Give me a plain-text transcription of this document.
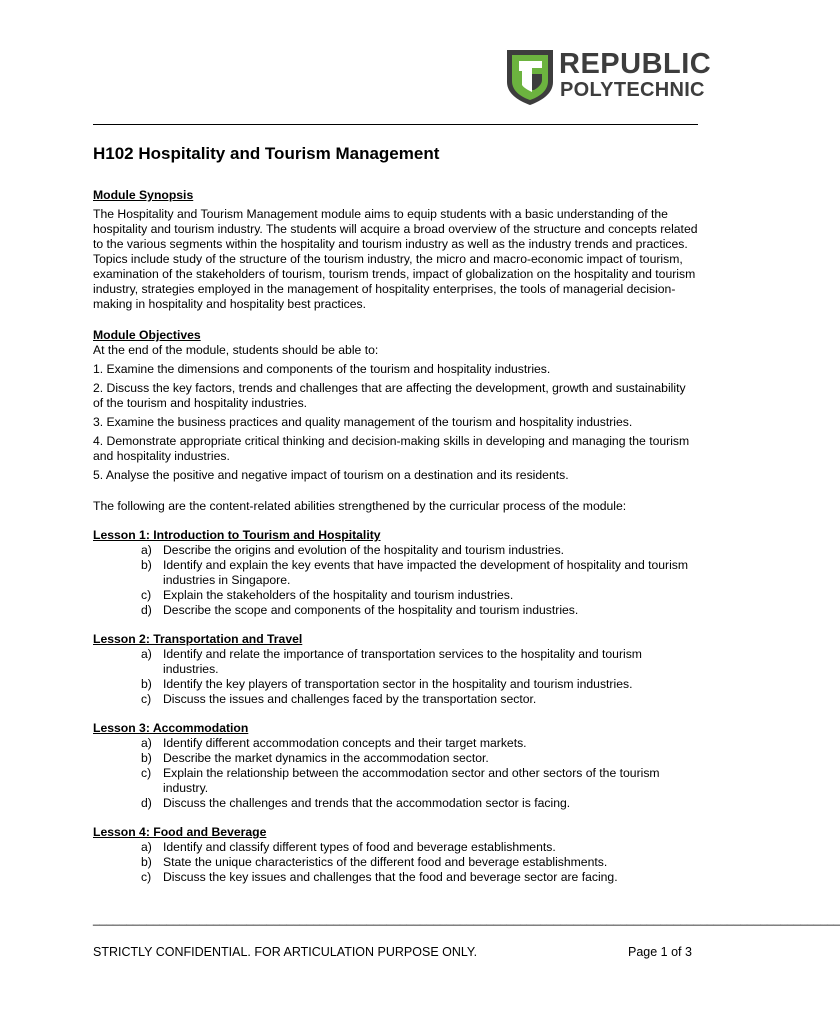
REPUBLIC
POLYTECHNIC
H102 Hospitality and Tourism Management

Module Synopsis

The Hospitality and Tourism Management module aims to equip students with a basic understanding of the hospitality and tourism industry. The students will acquire a broad overview of the structure and concepts related to the various segments within the hospitality and tourism industry as well as the industry trends and practices. Topics include study of the structure of the tourism industry, the micro and macro-economic impact of tourism, examination of the stakeholders of tourism, tourism trends, impact of globalization on the hospitality and tourism industry, strategies employed in the management of hospitality enterprises, the tools of managerial decision-making in hospitality and hospitality best practices.

Module Objectives

At the end of the module, students should be able to:

1. Examine the dimensions and components of the tourism and hospitality industries.

2. Discuss the key factors, trends and challenges that are affecting the development, growth and sustainability of the tourism and hospitality industries.

3. Examine the business practices and quality management of the tourism and hospitality industries.

4. Demonstrate appropriate critical thinking and decision-making skills in developing and managing the tourism and hospitality industries.

5. Analyse the positive and negative impact of tourism on a destination and its residents.

The following are the content-related abilities strengthened by the curricular process of the module:

Lesson 1: Introduction to Tourism and Hospitality

a) Describe the origins and evolution of the hospitality and tourism industries.
b) Identify and explain the key events that have impacted the development of hospitality and tourism industries in Singapore.
c) Explain the stakeholders of the hospitality and tourism industries.
d) Describe the scope and components of the hospitality and tourism industries.

Lesson 2: Transportation and Travel

a) Identify and relate the importance of transportation services to the hospitality and tourism industries.
b) Identify the key players of transportation sector in the hospitality and tourism industries.
c) Discuss the issues and challenges faced by the transportation sector.

Lesson 3: Accommodation

a) Identify different accommodation concepts and their target markets.
b) Describe the market dynamics in the accommodation sector.
c) Explain the relationship between the accommodation sector and other sectors of the tourism industry.
d) Discuss the challenges and trends that the accommodation sector is facing.

Lesson 4: Food and Beverage

a) Identify and classify different types of food and beverage establishments.
b) State the unique characteristics of the different food and beverage establishments.
c) Discuss the key issues and challenges that the food and beverage sector are facing.
________________________________________________________________________________________________________________
STRICTLY CONFIDENTIAL. FOR ARTICULATION PURPOSE ONLY.	Page 1 of 3
